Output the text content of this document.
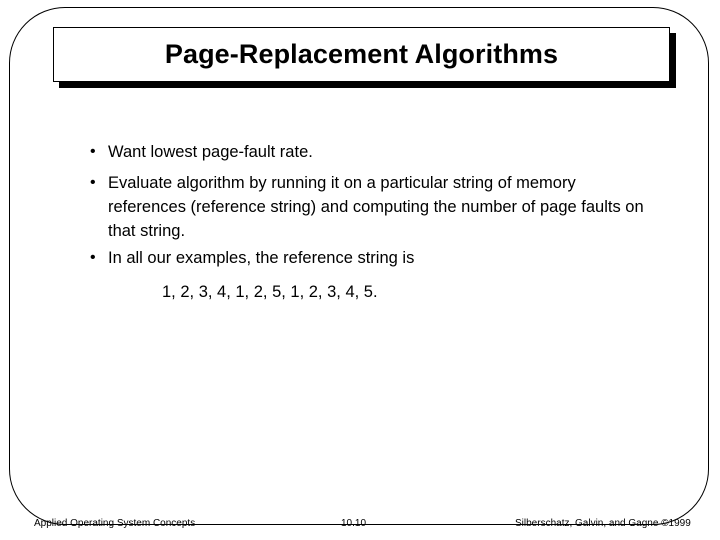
Page-Replacement Algorithms
• Want lowest page-fault rate.
• Evaluate algorithm by running it on a particular string of memory references (reference string) and computing the number of page faults on that string.
• In all our examples, the reference string is
1, 2, 3, 4, 1, 2, 5, 1, 2, 3, 4, 5.
Applied Operating System Concepts	10.10	Silberschatz, Galvin, and Gagne ©1999
